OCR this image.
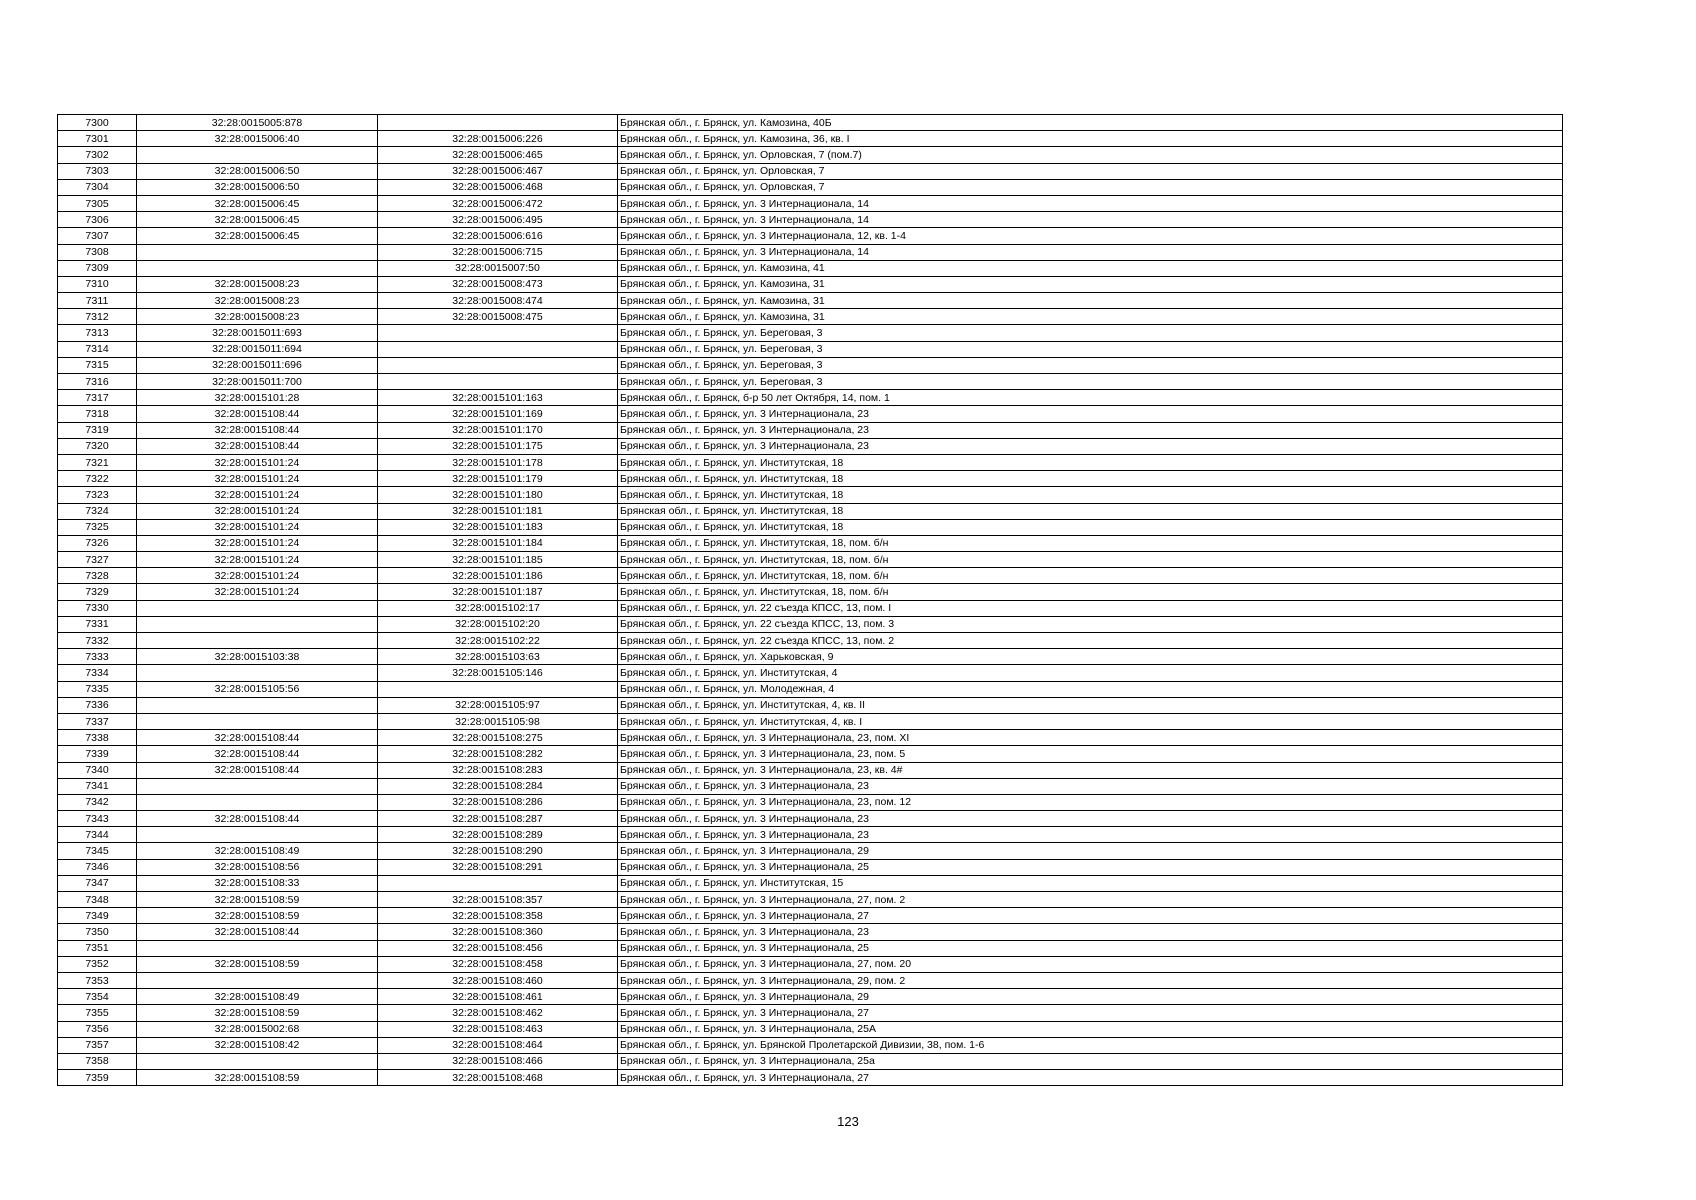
7300	32:28:0015005:878		Брянская обл., г. Брянск, ул. Камозина, 40Б
7301	32:28:0015006:40	32:28:0015006:226	Брянская обл., г. Брянск, ул. Камозина, 36, кв. I
7302		32:28:0015006:465	Брянская обл., г. Брянск, ул. Орловская, 7 (пом.7)
7303	32:28:0015006:50	32:28:0015006:467	Брянская обл., г. Брянск, ул. Орловская, 7
7304	32:28:0015006:50	32:28:0015006:468	Брянская обл., г. Брянск, ул. Орловская, 7
7305	32:28:0015006:45	32:28:0015006:472	Брянская обл., г. Брянск, ул. 3 Интернационала, 14
7306	32:28:0015006:45	32:28:0015006:495	Брянская обл., г. Брянск, ул. 3 Интернационала, 14
7307	32:28:0015006:45	32:28:0015006:616	Брянская обл., г. Брянск, ул. 3 Интернационала, 12, кв. 1-4
7308		32:28:0015006:715	Брянская обл., г. Брянск, ул. 3 Интернационала, 14
7309		32:28:0015007:50	Брянская обл., г. Брянск, ул. Камозина, 41
7310	32:28:0015008:23	32:28:0015008:473	Брянская обл., г. Брянск, ул. Камозина, 31
7311	32:28:0015008:23	32:28:0015008:474	Брянская обл., г. Брянск, ул. Камозина, 31
7312	32:28:0015008:23	32:28:0015008:475	Брянская обл., г. Брянск, ул. Камозина, 31
7313	32:28:0015011:693		Брянская обл., г. Брянск, ул. Береговая, 3
7314	32:28:0015011:694		Брянская обл., г. Брянск, ул. Береговая, 3
7315	32:28:0015011:696		Брянская обл., г. Брянск, ул. Береговая, 3
7316	32:28:0015011:700		Брянская обл., г. Брянск, ул. Береговая, 3
7317	32:28:0015101:28	32:28:0015101:163	Брянская обл., г. Брянск, б-р 50 лет Октября, 14, пом. 1
7318	32:28:0015108:44	32:28:0015101:169	Брянская обл., г. Брянск, ул. 3 Интернационала, 23
7319	32:28:0015108:44	32:28:0015101:170	Брянская обл., г. Брянск, ул. 3 Интернационала, 23
7320	32:28:0015108:44	32:28:0015101:175	Брянская обл., г. Брянск, ул. 3 Интернационала, 23
7321	32:28:0015101:24	32:28:0015101:178	Брянская обл., г. Брянск, ул. Институтская, 18
7322	32:28:0015101:24	32:28:0015101:179	Брянская обл., г. Брянск, ул. Институтская, 18
7323	32:28:0015101:24	32:28:0015101:180	Брянская обл., г. Брянск, ул. Институтская, 18
7324	32:28:0015101:24	32:28:0015101:181	Брянская обл., г. Брянск, ул. Институтская, 18
7325	32:28:0015101:24	32:28:0015101:183	Брянская обл., г. Брянск, ул. Институтская, 18
7326	32:28:0015101:24	32:28:0015101:184	Брянская обл., г. Брянск, ул. Институтская, 18, пом. б/н
7327	32:28:0015101:24	32:28:0015101:185	Брянская обл., г. Брянск, ул. Институтская, 18, пом. б/н
7328	32:28:0015101:24	32:28:0015101:186	Брянская обл., г. Брянск, ул. Институтская, 18, пом. б/н
7329	32:28:0015101:24	32:28:0015101:187	Брянская обл., г. Брянск, ул. Институтская, 18, пом. б/н
7330		32:28:0015102:17	Брянская обл., г. Брянск, ул. 22 съезда КПСС, 13, пом. I
7331		32:28:0015102:20	Брянская обл., г. Брянск, ул. 22 съезда КПСС, 13, пом. 3
7332		32:28:0015102:22	Брянская обл., г. Брянск, ул. 22 съезда КПСС, 13, пом. 2
7333	32:28:0015103:38	32:28:0015103:63	Брянская обл., г. Брянск, ул. Харьковская, 9
7334		32:28:0015105:146	Брянская обл., г. Брянск, ул. Институтская, 4
7335	32:28:0015105:56		Брянская обл., г. Брянск, ул. Молодежная, 4
7336		32:28:0015105:97	Брянская обл., г. Брянск, ул. Институтская, 4, кв. II
7337		32:28:0015105:98	Брянская обл., г. Брянск, ул. Институтская, 4, кв. I
7338	32:28:0015108:44	32:28:0015108:275	Брянская обл., г. Брянск, ул. 3 Интернационала, 23, пом. XI
7339	32:28:0015108:44	32:28:0015108:282	Брянская обл., г. Брянск, ул. 3 Интернационала, 23, пом. 5
7340	32:28:0015108:44	32:28:0015108:283	Брянская обл., г. Брянск, ул. 3 Интернационала, 23, кв. 4#
7341		32:28:0015108:284	Брянская обл., г. Брянск, ул. 3 Интернационала, 23
7342		32:28:0015108:286	Брянская обл., г. Брянск, ул. 3 Интернационала, 23, пом. 12
7343	32:28:0015108:44	32:28:0015108:287	Брянская обл., г. Брянск, ул. 3 Интернационала, 23
7344		32:28:0015108:289	Брянская обл., г. Брянск, ул. 3 Интернационала, 23
7345	32:28:0015108:49	32:28:0015108:290	Брянская обл., г. Брянск, ул. 3 Интернационала, 29
7346	32:28:0015108:56	32:28:0015108:291	Брянская обл., г. Брянск, ул. 3 Интернационала, 25
7347	32:28:0015108:33		Брянская обл., г. Брянск, ул. Институтская, 15
7348	32:28:0015108:59	32:28:0015108:357	Брянская обл., г. Брянск, ул. 3 Интернационала, 27, пом. 2
7349	32:28:0015108:59	32:28:0015108:358	Брянская обл., г. Брянск, ул. 3 Интернационала, 27
7350	32:28:0015108:44	32:28:0015108:360	Брянская обл., г. Брянск, ул. 3 Интернационала, 23
7351		32:28:0015108:456	Брянская обл., г. Брянск, ул. 3 Интернационала, 25
7352	32:28:0015108:59	32:28:0015108:458	Брянская обл., г. Брянск, ул. 3 Интернационала, 27, пом. 20
7353		32:28:0015108:460	Брянская обл., г. Брянск, ул. 3 Интернационала, 29, пом. 2
7354	32:28:0015108:49	32:28:0015108:461	Брянская обл., г. Брянск, ул. 3 Интернационала, 29
7355	32:28:0015108:59	32:28:0015108:462	Брянская обл., г. Брянск, ул. 3 Интернационала, 27
7356	32:28:0015002:68	32:28:0015108:463	Брянская обл., г. Брянск, ул. 3 Интернационала, 25А
7357	32:28:0015108:42	32:28:0015108:464	Брянская обл., г. Брянск, ул. Брянской Пролетарской Дивизии, 38, пом. 1-6
7358		32:28:0015108:466	Брянская обл., г. Брянск, ул. 3 Интернационала, 25а
7359	32:28:0015108:59	32:28:0015108:468	Брянская обл., г. Брянск, ул. 3 Интернационала, 27
123
